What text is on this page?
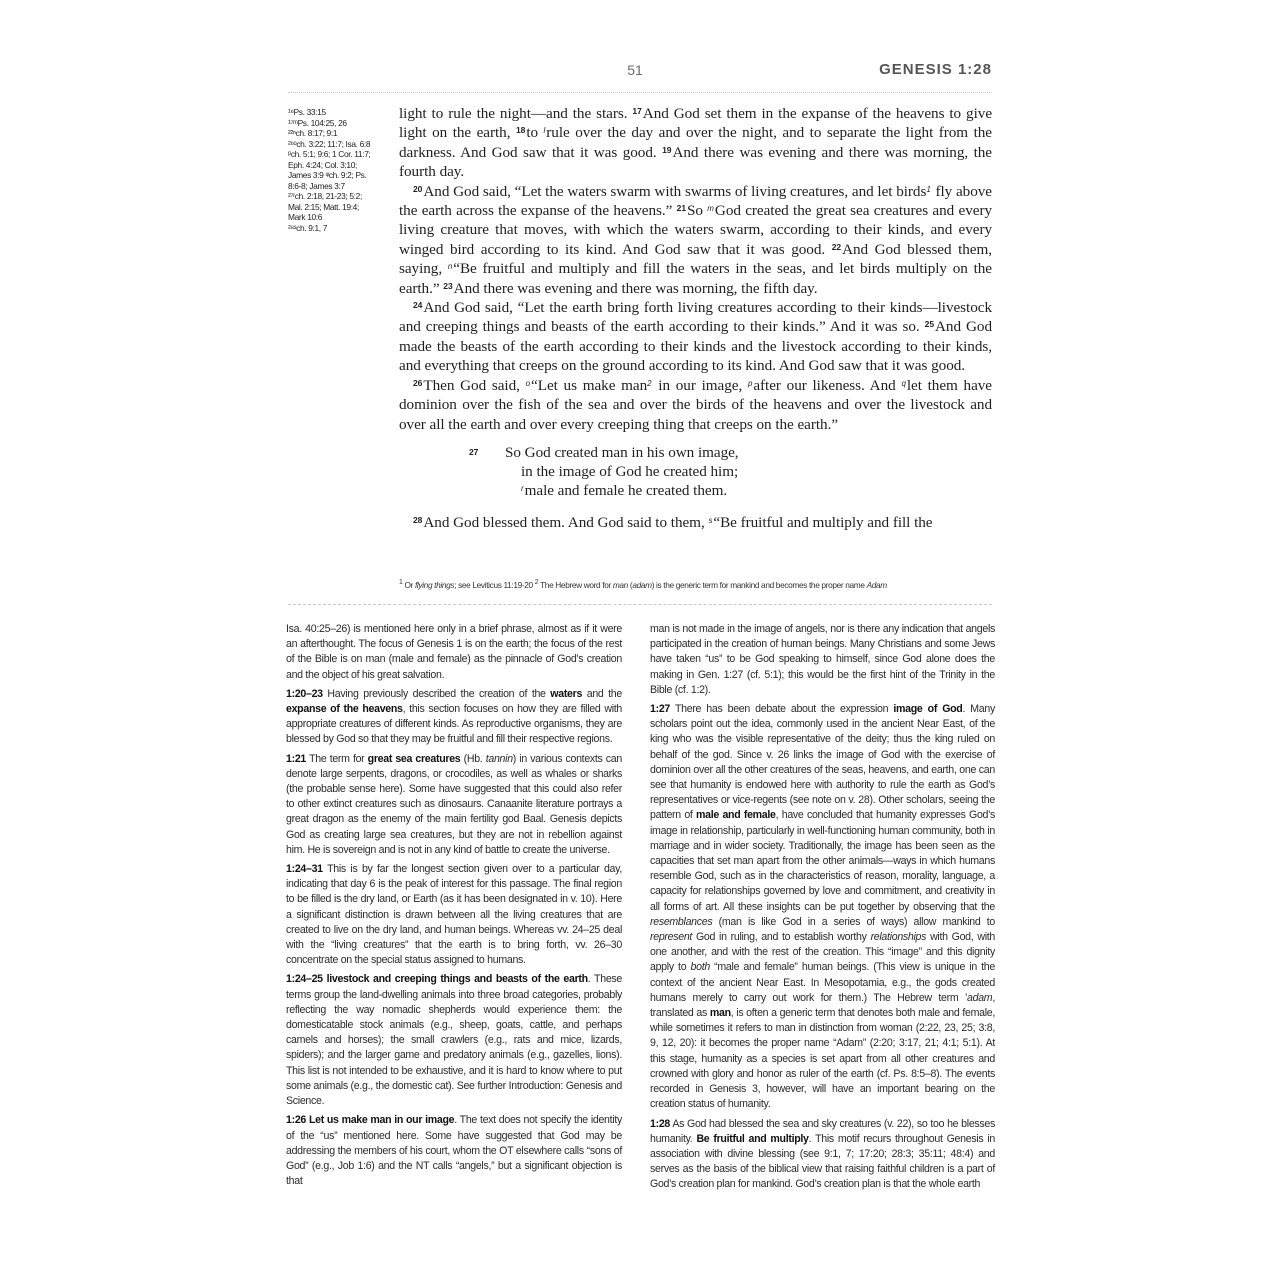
51	GENESIS 1:28
¹⁶Ps. 33:15
¹⁷ᵐPs. 104:25, 26
²²ⁿch. 8:17; 9:1
²⁶ᵒch. 3:22; 11:7; Isa. 6:8
ᵖch. 5:1; 9:6; 1 Cor. 11:7;
Eph. 4:24; Col. 3:10;
James 3:9 ᵠch. 9:2; Ps.
8:6-8; James 3:7
²⁷ʳch. 2:18, 21-23; 5:2;
Mal. 2:15; Matt. 19:4;
Mark 10:6
²⁸ˢch. 9:1, 7

light to rule the night—and the stars. $^{17}$And God set them in the expanse of the heavens to give light on the earth, $^{18}$to $^l$rule over the day and over the night, and to separate the light from the darkness. And God saw that it was good. $^{19}$And there was evening and there was morning, the fourth day.

$^{20}$And God said, “Let the waters swarm with swarms of living creatures, and let birds$^1$ fly above the earth across the expanse of the heavens.” $^{21}$So $^m$God created the great sea creatures and every living creature that moves, with which the waters swarm, according to their kinds, and every winged bird according to its kind. And God saw that it was good. $^{22}$And God blessed them, saying, $^n$“Be fruitful and multiply and fill the waters in the seas, and let birds multiply on the earth.” $^{23}$And there was evening and there was morning, the fifth day.

$^{24}$And God said, “Let the earth bring forth living creatures according to their kinds—livestock and creeping things and beasts of the earth according to their kinds.” And it was so. $^{25}$And God made the beasts of the earth according to their kinds and the livestock according to their kinds, and everything that creeps on the ground according to its kind. And God saw that it was good.

$^{26}$Then God said, $^o$“Let us make man$^2$ in our image, $^p$after our likeness. And $^q$let them have dominion over the fish of the sea and over the birds of the heavens and over the livestock and over all the earth and over every creeping thing that creeps on the earth.”

27 So God created man in his own image,
in the image of God he created him;
$^r$male and female he created them.

$^{28}$And God blessed them. And God said to them, $^s$“Be fruitful and multiply and fill the

$^1$ Or flying things; see Leviticus 11:19-20 $^2$ The Hebrew word for man (adam) is the generic term for mankind and becomes the proper name Adam

Isa. 40:25–26) is mentioned here only in a brief phrase, almost as if it were an afterthought. The focus of Genesis 1 is on the earth; the focus of the rest of the Bible is on man (male and female) as the pinnacle of God’s creation and the object of his great salvation.

1:20–23 Having previously described the creation of the waters and the expanse of the heavens, this section focuses on how they are filled with appropriate creatures of different kinds. As reproductive organisms, they are blessed by God so that they may be fruitful and fill their respective regions.

1:21 The term for great sea creatures (Hb. tannin) in various contexts can denote large serpents, dragons, or crocodiles, as well as whales or sharks (the probable sense here). Some have suggested that this could also refer to other extinct creatures such as dinosaurs. Canaanite literature portrays a great dragon as the enemy of the main fertility god Baal. Genesis depicts God as creating large sea creatures, but they are not in rebellion against him. He is sovereign and is not in any kind of battle to create the universe.

1:24–31 This is by far the longest section given over to a particular day, indicating that day 6 is the peak of interest for this passage. The final region to be filled is the dry land, or Earth (as it has been designated in v. 10). Here a significant distinction is drawn between all the living creatures that are created to live on the dry land, and human beings. Whereas vv. 24–25 deal with the “living creatures” that the earth is to bring forth, vv. 26–30 concentrate on the special status assigned to humans.

1:24–25 livestock and creeping things and beasts of the earth. These terms group the land-dwelling animals into three broad categories, probably reflecting the way nomadic shepherds would experience them: the domesticatable stock animals (e.g., sheep, goats, cattle, and perhaps camels and horses); the small crawlers (e.g., rats and mice, lizards, spiders); and the larger game and predatory animals (e.g., gazelles, lions). This list is not intended to be exhaustive, and it is hard to know where to put some animals (e.g., the domestic cat). See further Introduction: Genesis and Science.

1:26 Let us make man in our image. The text does not specify the identity of the “us” mentioned here. Some have suggested that God may be addressing the members of his court, whom the OT elsewhere calls “sons of God” (e.g., Job 1:6) and the NT calls “angels,” but a significant objection is that

man is not made in the image of angels, nor is there any indication that angels participated in the creation of human beings. Many Christians and some Jews have taken “us” to be God speaking to himself, since God alone does the making in Gen. 1:27 (cf. 5:1); this would be the first hint of the Trinity in the Bible (cf. 1:2).

1:27 There has been debate about the expression image of God. Many scholars point out the idea, commonly used in the ancient Near East, of the king who was the visible representative of the deity; thus the king ruled on behalf of the god. Since v. 26 links the image of God with the exercise of dominion over all the other creatures of the seas, heavens, and earth, one can see that humanity is endowed here with authority to rule the earth as God’s representatives or vice-regents (see note on v. 28). Other scholars, seeing the pattern of male and female, have concluded that humanity expresses God’s image in relationship, particularly in well-functioning human community, both in marriage and in wider society. Traditionally, the image has been seen as the capacities that set man apart from the other animals—ways in which humans resemble God, such as in the characteristics of reason, morality, language, a capacity for relationships governed by love and commitment, and creativity in all forms of art. All these insights can be put together by observing that the resemblances (man is like God in a series of ways) allow mankind to represent God in ruling, and to establish worthy relationships with God, with one another, and with the rest of the creation. This “image” and this dignity apply to both “male and female” human beings. (This view is unique in the context of the ancient Near East. In Mesopotamia, e.g., the gods created humans merely to carry out work for them.) The Hebrew term ’adam, translated as man, is often a generic term that denotes both male and female, while sometimes it refers to man in distinction from woman (2:22, 23, 25; 3:8, 9, 12, 20): it becomes the proper name “Adam” (2:20; 3:17, 21; 4:1; 5:1). At this stage, humanity as a species is set apart from all other creatures and crowned with glory and honor as ruler of the earth (cf. Ps. 8:5–8). The events recorded in Genesis 3, however, will have an important bearing on the creation status of humanity.

1:28 As God had blessed the sea and sky creatures (v. 22), so too he blesses humanity. Be fruitful and multiply. This motif recurs throughout Genesis in association with divine blessing (see 9:1, 7; 17:20; 28:3; 35:11; 48:4) and serves as the basis of the biblical view that raising faithful children is a part of God’s creation plan for mankind. God’s creation plan is that the whole earth
